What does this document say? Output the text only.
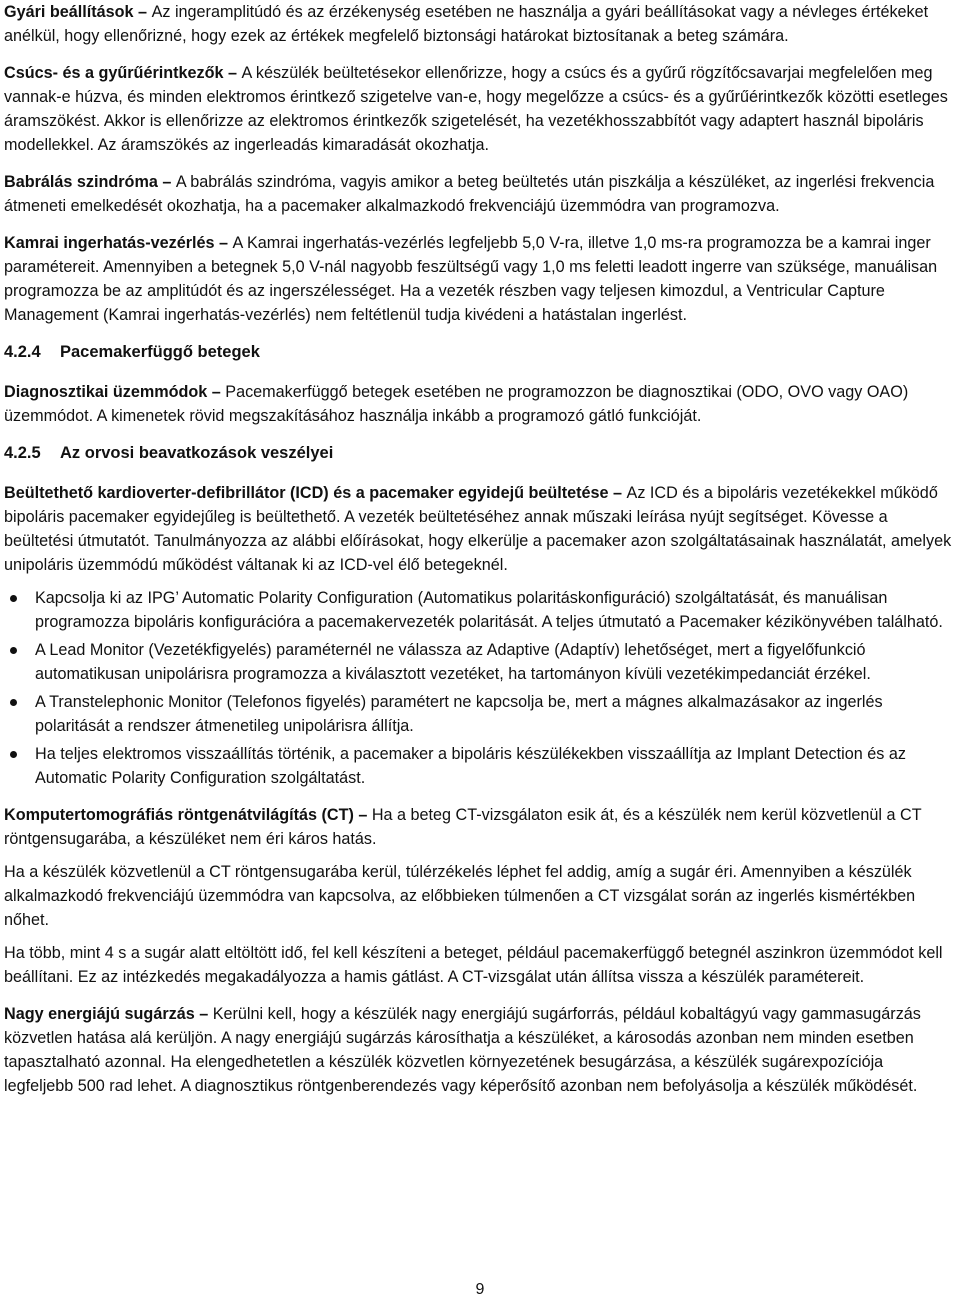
Gyári beállítások – Az ingeramplitúdó és az érzékenység esetében ne használja a gyári beállításokat vagy a névleges értékeket anélkül, hogy ellenőrizné, hogy ezek az értékek megfelelő biztonsági határokat biztosítanak a beteg számára.

Csúcs- és a gyűrűérintkezők – A készülék beültetésekor ellenőrizze, hogy a csúcs és a gyűrű rögzítőcsavarjai megfelelően meg vannak-e húzva, és minden elektromos érintkező szigetelve van-e, hogy megelőzze a csúcs- és a gyűrűérintkezők közötti esetleges áramszökést. Akkor is ellenőrizze az elektromos érintkezők szigetelését, ha vezetékhosszabbítót vagy adaptert használ bipoláris modellekkel. Az áramszökés az ingerleadás kimaradását okozhatja.

Babrálás szindróma – A babrálás szindróma, vagyis amikor a beteg beültetés után piszkálja a készüléket, az ingerlési frekvencia átmeneti emelkedését okozhatja, ha a pacemaker alkalmazkodó frekvenciájú üzemmódra van programozva.

Kamrai ingerhatás-vezérlés – A Kamrai ingerhatás-vezérlés legfeljebb 5,0 V-ra, illetve 1,0 ms-ra programozza be a kamrai inger paramétereit. Amennyiben a betegnek 5,0 V-nál nagyobb feszültségű vagy 1,0 ms feletti leadott ingerre van szüksége, manuálisan programozza be az amplitúdót és az ingerszélességet. Ha a vezeték részben vagy teljesen kimozdul, a Ventricular Capture Management (Kamrai ingerhatás-vezérlés) nem feltétlenül tudja kivédeni a hatástalan ingerlést.

4.2.4 Pacemakerfüggő betegek

Diagnosztikai üzemmódok – Pacemakerfüggő betegek esetében ne programozzon be diagnosztikai (ODO, OVO vagy OAO) üzemmódot. A kimenetek rövid megszakításához használja inkább a programozó gátló funkcióját.

4.2.5 Az orvosi beavatkozások veszélyei

Beültethető kardioverter-defibrillátor (ICD) és a pacemaker egyidejű beültetése – Az ICD és a bipoláris vezetékekkel működő bipoláris pacemaker egyidejűleg is beültethető. A vezeték beültetéséhez annak műszaki leírása nyújt segítséget. Kövesse a beültetési útmutatót. Tanulmányozza az alábbi előírásokat, hogy elkerülje a pacemaker azon szolgáltatásainak használatát, amelyek unipoláris üzemmódú működést váltanak ki az ICD-vel élő betegeknél.

Kapcsolja ki az IPG’ Automatic Polarity Configuration (Automatikus polaritáskonfiguráció) szolgáltatását, és manuálisan programozza bipoláris konfigurációra a pacemakervezeték polaritását. A teljes útmutató a Pacemaker kézikönyvében található.
A Lead Monitor (Vezetékfigyelés) paraméternél ne válassza az Adaptive (Adaptív) lehetőséget, mert a figyelőfunkció automatikusan unipolárisra programozza a kiválasztott vezetéket, ha tartományon kívüli vezetékimpedanciát érzékel.
A Transtelephonic Monitor (Telefonos figyelés) paramétert ne kapcsolja be, mert a mágnes alkalmazásakor az ingerlés polaritását a rendszer átmenetileg unipolárisra állítja.
Ha teljes elektromos visszaállítás történik, a pacemaker a bipoláris készülékekben visszaállítja az Implant Detection és az Automatic Polarity Configuration szolgáltatást.

Komputertomográfiás röntgenátvilágítás (CT) – Ha a beteg CT-vizsgálaton esik át, és a készülék nem kerül közvetlenül a CT röntgensugarába, a készüléket nem éri káros hatás.

Ha a készülék közvetlenül a CT röntgensugarába kerül, túlérzékelés léphet fel addig, amíg a sugár éri. Amennyiben a készülék alkalmazkodó frekvenciájú üzemmódra van kapcsolva, az előbbieken túlmenően a CT vizsgálat során az ingerlés kismértékben nőhet.

Ha több, mint 4 s a sugár alatt eltöltött idő, fel kell készíteni a beteget, például pacemakerfüggő betegnél aszinkron üzemmódot kell beállítani. Ez az intézkedés megakadályozza a hamis gátlást. A CT-vizsgálat után állítsa vissza a készülék paramétereit.

Nagy energiájú sugárzás – Kerülni kell, hogy a készülék nagy energiájú sugárforrás, például kobaltágyú vagy gammasugárzás közvetlen hatása alá kerüljön. A nagy energiájú sugárzás károsíthatja a készüléket, a károsodás azonban nem minden esetben tapasztalható azonnal. Ha elengedhetetlen a készülék közvetlen környezetének besugárzása, a készülék sugárexpozíciója legfeljebb 500 rad lehet. A diagnosztikus röntgenberendezés vagy képerősítő azonban nem befolyásolja a készülék működését.

9
